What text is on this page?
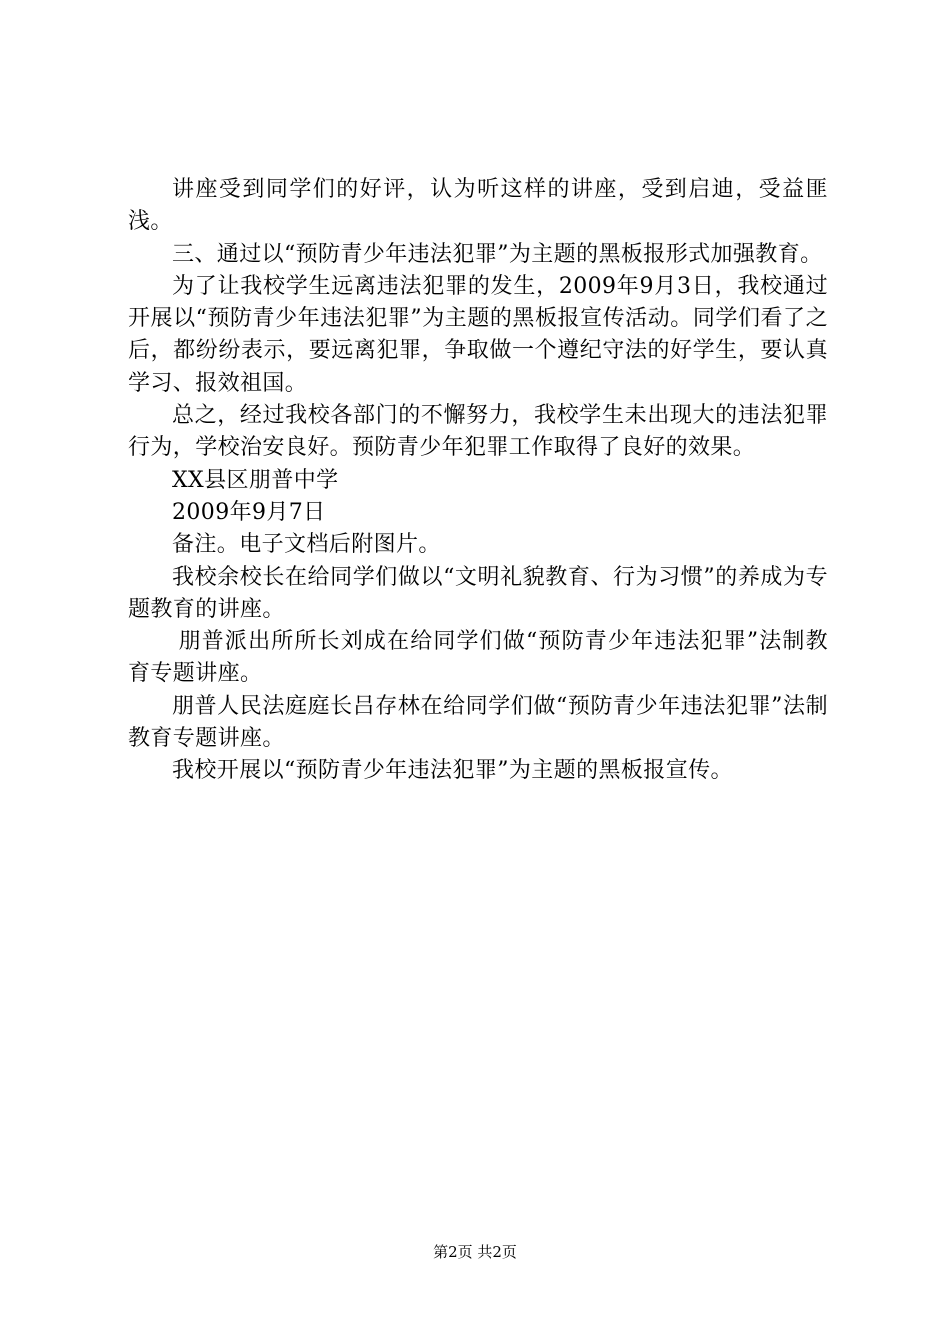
讲座受到同学们的好评，认为听这样的讲座，受到启迪，受益匪浅。

三、通过以“预防青少年违法犯罪”为主题的黑板报形式加强教育。

为了让我校学生远离违法犯罪的发生，2009年9月3日，我校通过开展以“预防青少年违法犯罪”为主题的黑板报宣传活动。同学们看了之后，都纷纷表示，要远离犯罪，争取做一个遵纪守法的好学生，要认真学习、报效祖国。

总之，经过我校各部门的不懈努力，我校学生未出现大的违法犯罪行为，学校治安良好。预防青少年犯罪工作取得了良好的效果。

XX县区朋普中学

2009年9月7日

备注。电子文档后附图片。

我校余校长在给同学们做以“文明礼貌教育、行为习惯”的养成为专题教育的讲座。

朋普派出所所长刘成在给同学们做“预防青少年违法犯罪”法制教育专题讲座。

朋普人民法庭庭长吕存林在给同学们做“预防青少年违法犯罪”法制教育专题讲座。

我校开展以“预防青少年违法犯罪”为主题的黑板报宣传。

第2页 共2页
